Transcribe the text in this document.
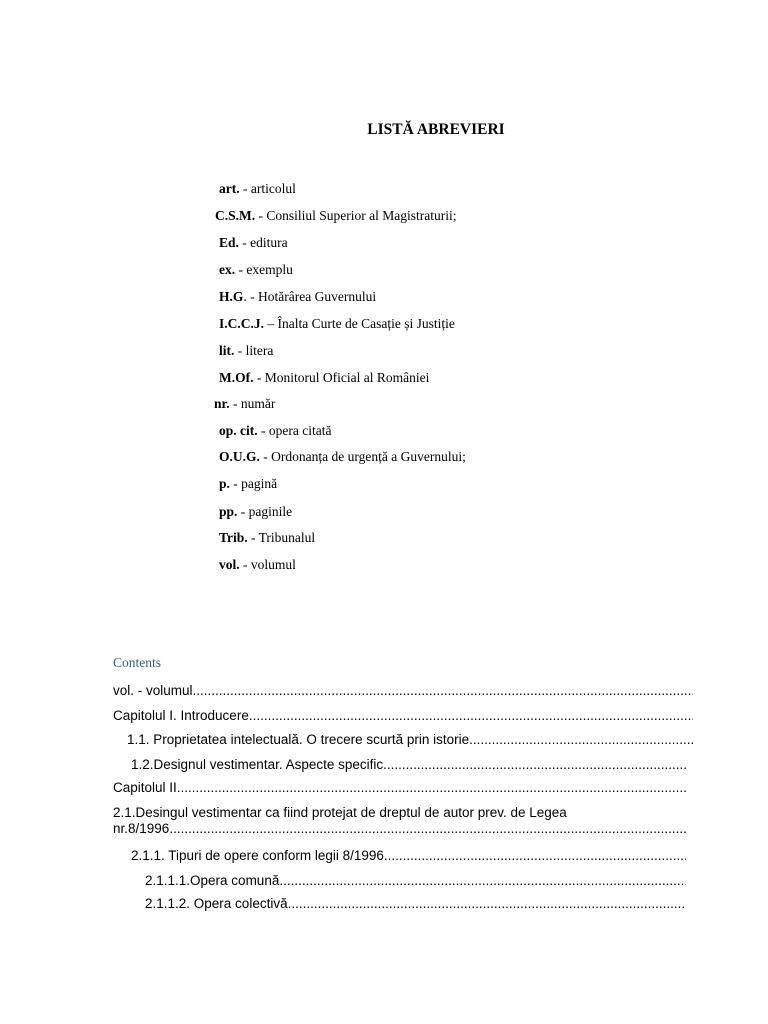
LISTĂ ABREVIERI
art. - articolul
C.S.M. - Consiliul Superior al Magistraturii;
Ed. - editura
ex. - exemplu
H.G. - Hotărârea Guvernului
I.C.C.J. – Înalta Curte de Casație și Justiție
lit. - litera
M.Of. - Monitorul Oficial al României
nr. - număr
op. cit. - opera citată
O.U.G. - Ordonanța de urgență a Guvernului;
p. - pagină
pp. - paginile
Trib. - Tribunalul
vol. - volumul
Contents
vol. - volumul
.....
Capitolul I. Introducere
.....
1.1. Proprietatea intelectuală. O trecere scurtă prin istorie
.....
1.2.Designul vestimentar. Aspecte specific
.....
Capitolul II
.....
2.1.Desingul vestimentar ca fiind protejat de dreptul de autor prev. de Legea
nr.8/1996
.....
2.1.1. Tipuri de opere conform legii 8/1996
.....
2.1.1.1.Opera comună
.....
2.1.1.2. Opera colectivă
.....
